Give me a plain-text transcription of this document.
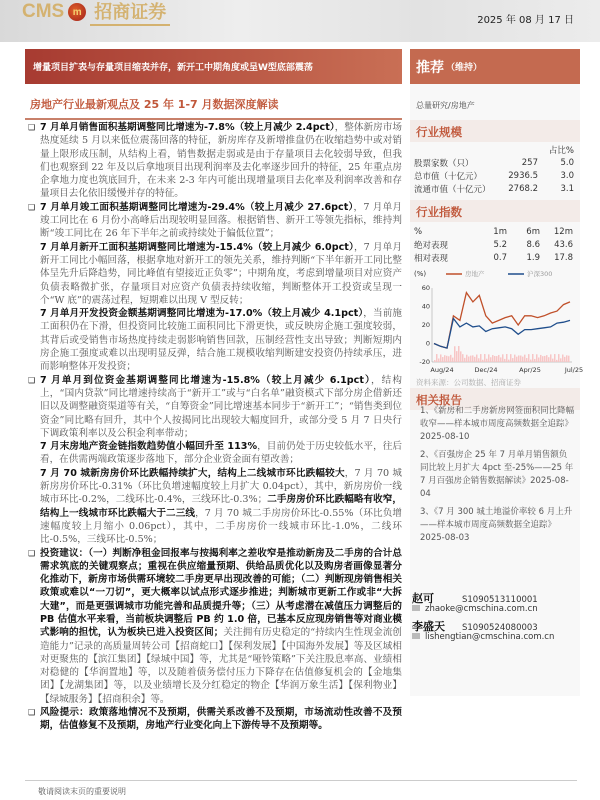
CMS m 招商证券	2025 年 08 月 17 日
增量项目扩表与存量项目缩表并存，新开工中期角度或呈W型底部震荡	推荐 （维持）
房地产行业最新观点及 25 年 1-7 月数据深度解读	总量研究/房地产
行业规模
占比%
股票家数（只）	257	5.0
总市值（十亿元）	2936.5	3.0
流通市值（十亿元）	2768.2	3.1
行业指数
%	1m	6m	12m
绝对表现	5.2	8.6	43.6
相对表现	0.7	1.9	17.8
(%)	房地产	沪深300
60
40
20
0
-20
Aug/24	Dec/24	Apr/25	Jul/25
资料来源：公司数据、招商证券
相关报告
1、《新房和二手房新房网签面积同比降幅收窄——样本城市周度高频数据全追踪》2025-08-10
2、《百强房企 25 年 7 月单月销售额负同比较上月扩大 4pct 至-25%——25 年 7 月百强房企销售数据解读》2025-08-04
3、《7 月 300 城土地溢价率较 6 月上升——样本城市周度高频数据全追踪》2025-08-03
赵可	S1090513110001
zhaoke@cmschina.com.cn
李盛天 S1090524080003
lishengtian@cmschina.com.cn
❑ 7 月单月销售面积基期调整同比增速为-7.8%（较上月减少 2.4pct），整体新房市场热度延续 5 月以来低位震荡回落的特征，新房库存及新增推盘仍在收缩趋势中或对销量上限形成压制，从结构上看，销售数据走弱或是由于存量项目去化较弱导致，但我们也观察到 22 年及以后拿地项目出现利润率及去化率逐步回升的特征，25 年重点房企拿地力度也筑底回升，在未来 2-3 年内可能出现增量项目去化率及利润率改善和存量项目去化依旧缓慢并存的特征。
❑ 7 月单月竣工面积基期调整同比增速为-29.4%（较上月减少 27.6pct），7 月单月竣工同比在 6 月份小高峰后出现较明显回落。根据销售、新开工等领先指标，维持判断“竣工同比在 26 年下半年之前或持续处于偏低位置”；
7 月单月新开工面积基期调整同比增速为-15.4%（较上月减少 6.0pct），7 月单月新开工同比小幅回落，根据拿地对新开工的领先关系，维持判断“下半年新开工同比整体呈先升后降趋势，同比峰值有望接近正负零”；中期角度，考虑到增量项目对应资产负债表略微扩张，存量项目对应资产负债表持续收缩，判断整体开工投资或呈现一个“W 底”的震荡过程，短期难以出现 V 型反转；
7 月单月开发投资金额基期调整同比增速为-17.0%（较上月减少 4.1pct），当前施工面积仍在下滑，但投资同比较施工面积同比下滑更快，或反映房企施工强度较弱，其背后或受销售市场热度持续走弱影响销售回款，压制经营性支出导致；判断短期内房企施工强度或难以出现明显反弹，结合施工规模收缩判断建安投资仍持续承压，进而影响整体开发投资；
❑ 7 月单月到位资金基期调整同比增速为-15.8%（较上月减少 6.1pct），结构上，“国内贷款”同比增速持续高于“新开工”或与“白名单”融资模式下部分房企借新还旧以及调整融资渠道等有关，“自筹资金”同比增速基本同步于“新开工”；“销售类到位资金”同比略有回升，其中个人按揭同比出现较大幅度回升，或部分受 5 月 7 日央行下调政策利率以及公积金利率带动；
7 月末房地产资金链指数趋势值小幅回升至 113%，目前仍处于历史较低水平，往后看，在供需两端政策逐步落地下，部分企业资金面有望改善；
7 月 70 城新房房价环比跌幅持续扩大，结构上二线城市环比跌幅较大，7 月 70 城新房房价环比-0.31%（环比负增速幅度较上月扩大 0.04pct），其中，新房房价一线城市环比-0.2%，二线环比-0.4%，三线环比-0.3%；二手房房价环比跌幅略有收窄，结构上一线城市环比跌幅大于二三线，7 月 70 城二手房房价环比-0.55%（环比负增速幅度较上月缩小 0.06pct），其中，二手房房价一线城市环比-1.0%，二线环比-0.5%，三线环比-0.5%；
❑ 投资建议：（一）判断净租金回报率与按揭利率之差收窄是推动新房及二手房的合计总需求筑底的关键观察点；重视在供应缩量预期、供给品质优化以及购房者画像显著分化推动下，新房市场供需环境较二手房更早出现改善的可能；（二）判断现房销售相关政策或难以“一刀切”，更大概率以试点形式逐步推进；判断城市更新工作或非“大拆大建”，而是更强调城市功能完善和品质提升等；（三）从考虑潜在减值压力调整后的 PB 估值水平来看，当前板块调整后 PB 约 1.0 倍，已基本反应现房销售等对商业模式影响的担忧，认为板块已进入投资区间；关注拥有历史稳定的“持续内生性现金流创造能力”记录的高质量周转公司【招商蛇口】【保利发展】【中国海外发展】等及区域相对更聚焦的【滨江集团】【绿城中国】等，尤其是“哑铃策略”下关注股息率高、业绩相对稳健的【华润置地】等，以及随着债务偿付压力下降存在估值修复机会的【金地集团】【龙湖集团】等，以及业绩增长及分红稳定的物企【华润万象生活】【保利物业】【绿城服务】【招商积余】等。
❑ 风险提示：政策落地情况不及预期，供需关系改善不及预期，市场流动性改善不及预期，估值修复不及预期，房地产行业变化向上下游传导不及预期等。
敬请阅读末页的重要说明
